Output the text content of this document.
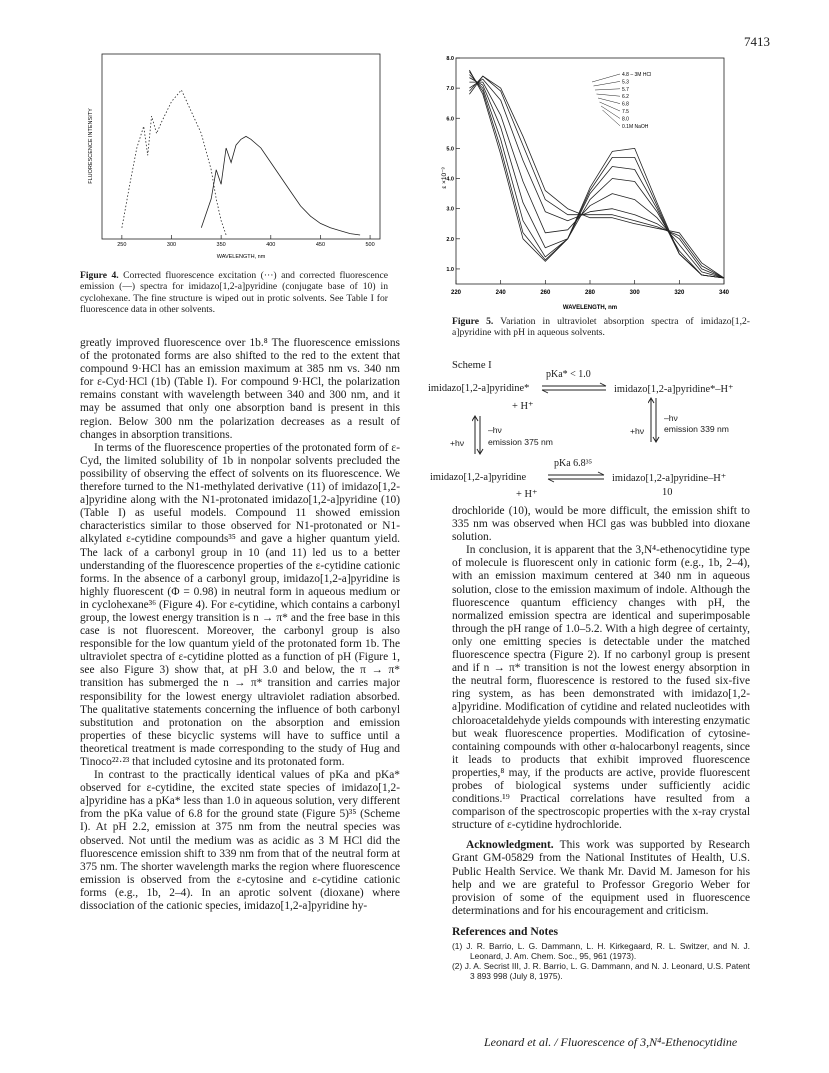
7413
250	300	350	400	450	500
FLUORESCENCE INTENSITY
WAVELENGTH, nm
Figure 4. Corrected fluorescence excitation (···) and corrected fluorescence emission (—) spectra for imidazo[1,2-a]pyridine (conjugate base of 10) in cyclohexane. The fine structure is wiped out in protic solvents. See Table I for fluorescence data in other solvents.
220	240	260	280	300	320	340
1.0
2.0
3.0
4.0
5.0
6.0
7.0
8.0
4.8 – 3M HCl
5.3
5.7
6.2
6.8
7.5
8.0
0.1M NaOH
ε ×10⁻³
WAVELENGTH, nm
Figure 5. Variation in ultraviolet absorption spectra of imidazo[1,2-a]pyridine with pH in aqueous solvents.

greatly improved fluorescence over 1b.⁸ The fluorescence emissions of the protonated forms are also shifted to the red to the extent that compound 9·HCl has an emission maximum at 385 nm vs. 340 nm for ε-Cyd·HCl (1b) (Table I). For compound 9·HCl, the polarization remains constant with wavelength between 340 and 300 nm, and it may be assumed that only one absorption band is present in this region. Below 300 nm the polarization decreases as a result of changes in absorption transitions.

In terms of the fluorescence properties of the protonated form of ε-Cyd, the limited solubility of 1b in nonpolar solvents precluded the possibility of observing the effect of solvents on its fluorescence. We therefore turned to the N1-methylated derivative (11) of imidazo[1,2-a]pyridine along with the N1-protonated imidazo[1,2-a]pyridine (10) (Table I) as useful models. Compound 11 showed emission characteristics similar to those observed for N1-protonated or N1-alkylated ε-cytidine compounds³⁵ and gave a higher quantum yield. The lack of a carbonyl group in 10 (and 11) led us to a better understanding of the fluorescence properties of the ε-cytidine cationic forms. In the absence of a carbonyl group, imidazo[1,2-a]pyridine is highly fluorescent (Φ = 0.98) in neutral form in aqueous medium or in cyclohexane³⁶ (Figure 4). For ε-cytidine, which contains a carbonyl group, the lowest energy transition is n → π* and the free base in this case is not fluorescent. Moreover, the carbonyl group is also responsible for the low quantum yield of the protonated form 1b. The ultraviolet spectra of ε-cytidine plotted as a function of pH (Figure 1, see also Figure 3) show that, at pH 3.0 and below, the π → π* transition has submerged the n → π* transition and carries major responsibility for the lowest energy ultraviolet radiation absorbed. The qualitative statements concerning the influence of both carbonyl substitution and protonation on the absorption and emission properties of these bicyclic systems will have to suffice until a theoretical treatment is made corresponding to the study of Hug and Tinoco²²·²³ that included cytosine and its protonated form.

In contrast to the practically identical values of pKa and pKa* observed for ε-cytidine, the excited state species of imidazo[1,2-a]pyridine has a pKa* less than 1.0 in aqueous solution, very different from the pKa value of 6.8 for the ground state (Figure 5)³⁵ (Scheme I). At pH 2.2, emission at 375 nm from the neutral species was observed. Not until the medium was as acidic as 3 M HCl did the fluorescence emission shift to 339 nm from that of the neutral form at 375 nm. The shorter wavelength marks the region where fluorescence emission is observed from the ε-cytosine and ε-cytidine cationic forms (e.g., 1b, 2–4). In an aprotic solvent (dioxane) where dissociation of the cationic species, imidazo[1,2-a]pyridine hy-

Scheme I
imidazo[1,2-a]pyridine*
pKa* < 1.0
imidazo[1,2-a]pyridine*–H⁺
+ H⁺
+hν
–hν
emission 375 nm
+hν
–hν
emission 339 nm
pKa 6.8³⁵
imidazo[1,2-a]pyridine	imidazo[1,2-a]pyridine–H⁺
+ H⁺	10

drochloride (10), would be more difficult, the emission shift to 335 nm was observed when HCl gas was bubbled into dioxane solution.

In conclusion, it is apparent that the 3,N⁴-ethenocytidine type of molecule is fluorescent only in cationic form (e.g., 1b, 2–4), with an emission maximum centered at 340 nm in aqueous solution, close to the emission maximum of indole. Although the fluorescence quantum efficiency changes with pH, the normalized emission spectra are identical and superimposable through the pH range of 1.0–5.2. With a high degree of certainty, only one emitting species is detectable under the matched fluorescence spectra (Figure 2). If no carbonyl group is present and if n → π* transition is not the lowest energy absorption in the neutral form, fluorescence is restored to the fused six-five ring system, as has been demonstrated with imidazo[1,2-a]pyridine. Modification of cytidine and related nucleotides with chloroacetaldehyde yields compounds with interesting enzymatic but weak fluorescence properties. Modification of cytosine-containing compounds with other α-halocarbonyl reagents, since it leads to products that exhibit improved fluorescence properties,⁸ may, if the products are active, provide fluorescent probes of biological systems under sufficiently acidic conditions.¹⁹ Practical correlations have resulted from a comparison of the spectroscopic properties with the x-ray crystal structure of ε-cytidine hydrochloride.

Acknowledgment. This work was supported by Research Grant GM-05829 from the National Institutes of Health, U.S. Public Health Service. We thank Mr. David M. Jameson for his help and we are grateful to Professor Gregorio Weber for provision of some of the equipment used in fluorescence determinations and for his encouragement and criticism.

References and Notes
(1) J. R. Barrio, L. G. Dammann, L. H. Kirkegaard, R. L. Switzer, and N. J. Leonard, J. Am. Chem. Soc., 95, 961 (1973).
(2) J. A. Secrist III, J. R. Barrio, L. G. Dammann, and N. J. Leonard, U.S. Patent 3 893 998 (July 8, 1975).
Leonard et al. / Fluorescence of 3,N⁴-Ethenocytidine
